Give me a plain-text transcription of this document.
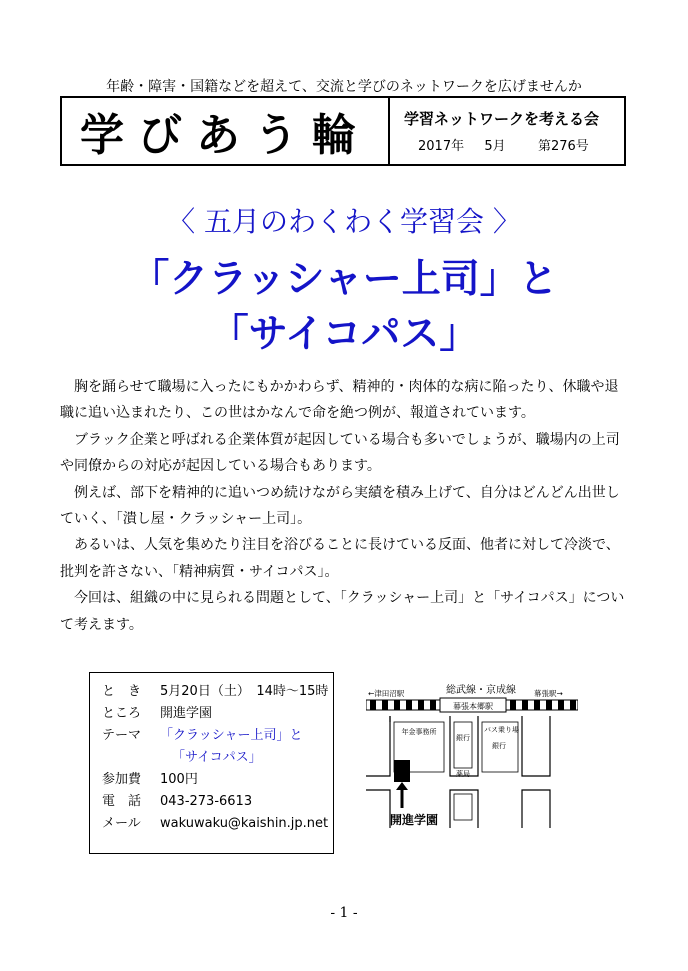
年齢・障害・国籍などを超えて、交流と学びのネットワークを広げませんか
学びあう輪	学習ネットワークを考える会
2017年 5月 第276号
〈 五月のわくわく学習会 〉
「クラッシャー上司」と
「サイコパス」

胸を踊らせて職場に入ったにもかかわらず、精神的・肉体的な病に陥ったり、休職や退職に追い込まれたり、この世はかなんで命を絶つ例が、報道されています。

ブラック企業と呼ばれる企業体質が起因している場合も多いでしょうが、職場内の上司や同僚からの対応が起因している場合もあります。

例えば、部下を精神的に追いつめ続けながら実績を積み上げて、自分はどんどん出世していく、「潰し屋・クラッシャー上司」。

あるいは、人気を集めたり注目を浴びることに長けている反面、他者に対して冷淡で、批判を許さない、「精神病質・サイコパス」。

今回は、組織の中に見られる問題として、「クラッシャー上司」と「サイコパス」について考えます。

と　き	5月20日（土）　14時～15時
ところ	開進学園
テーマ	「クラッシャー上司」と
「サイコパス」
参加費	100円
電　話	043-273-6613
メール	wakuwaku@kaishin.jp.net
幕張本郷駅
←津田沼駅	総武線・京成線 幕張駅→
年金事務所
銀行
バス乗り場
銀行
薬局
開進学園
- 1 -
